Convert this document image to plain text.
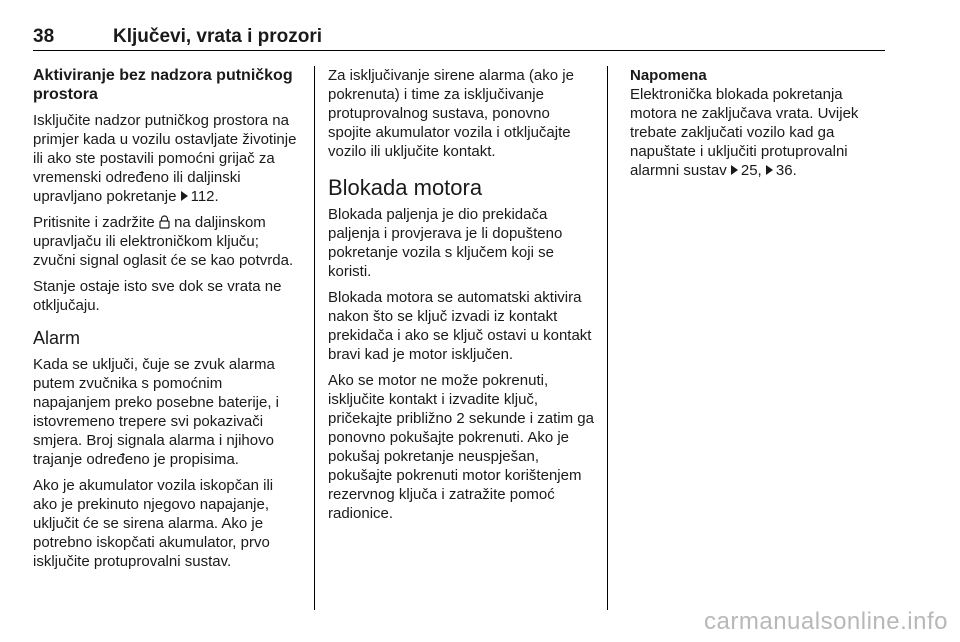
38	Ključevi, vrata i prozori
Aktiviranje bez nadzora putničkog prostora

Isključite nadzor putničkog prostora na primjer kada u vozilu ostavljate životinje ili ako ste postavili pomoćni grijač za vremenski određeno ili daljinski upravljano pokretanje 112.

Pritisnite i zadržite na daljinskom upravljaču ili elektroničkom ključu; zvučni signal oglasit će se kao potvrda.

Stanje ostaje isto sve dok se vrata ne otključaju.

Alarm

Kada se uključi, čuje se zvuk alarma putem zvučnika s pomoćnim napajanjem preko posebne baterije, i istovremeno trepere svi pokazivači smjera. Broj signala alarma i njihovo trajanje određeno je propisima.

Ako je akumulator vozila iskopčan ili ako je prekinuto njegovo napajanje, uključit će se sirena alarma. Ako je potrebno iskopčati akumulator, prvo isključite protuprovalni sustav.

Za isključivanje sirene alarma (ako je pokrenuta) i time za isključivanje protuprovalnog sustava, ponovno spojite akumulator vozila i otključajte vozilo ili uključite kontakt.

Blokada motora

Blokada paljenja je dio prekidača paljenja i provjerava je li dopušteno pokretanje vozila s ključem koji se koristi.

Blokada motora se automatski aktivira nakon što se ključ izvadi iz kontakt prekidača i ako se ključ ostavi u kontakt bravi kad je motor isključen.

Ako se motor ne može pokrenuti, isključite kontakt i izvadite ključ, pričekajte približno 2 sekunde i zatim ga ponovno pokušajte pokrenuti. Ako je pokušaj pokretanje neuspješan, pokušajte pokrenuti motor korištenjem rezervnog ključa i zatražite pomoć radionice.

Napomena

Elektronička blokada pokretanja motora ne zaključava vrata. Uvijek trebate zaključati vozilo kad ga napuštate i uključiti protuprovalni alarmni sustav 25, 36.

carmanualsonline.info
